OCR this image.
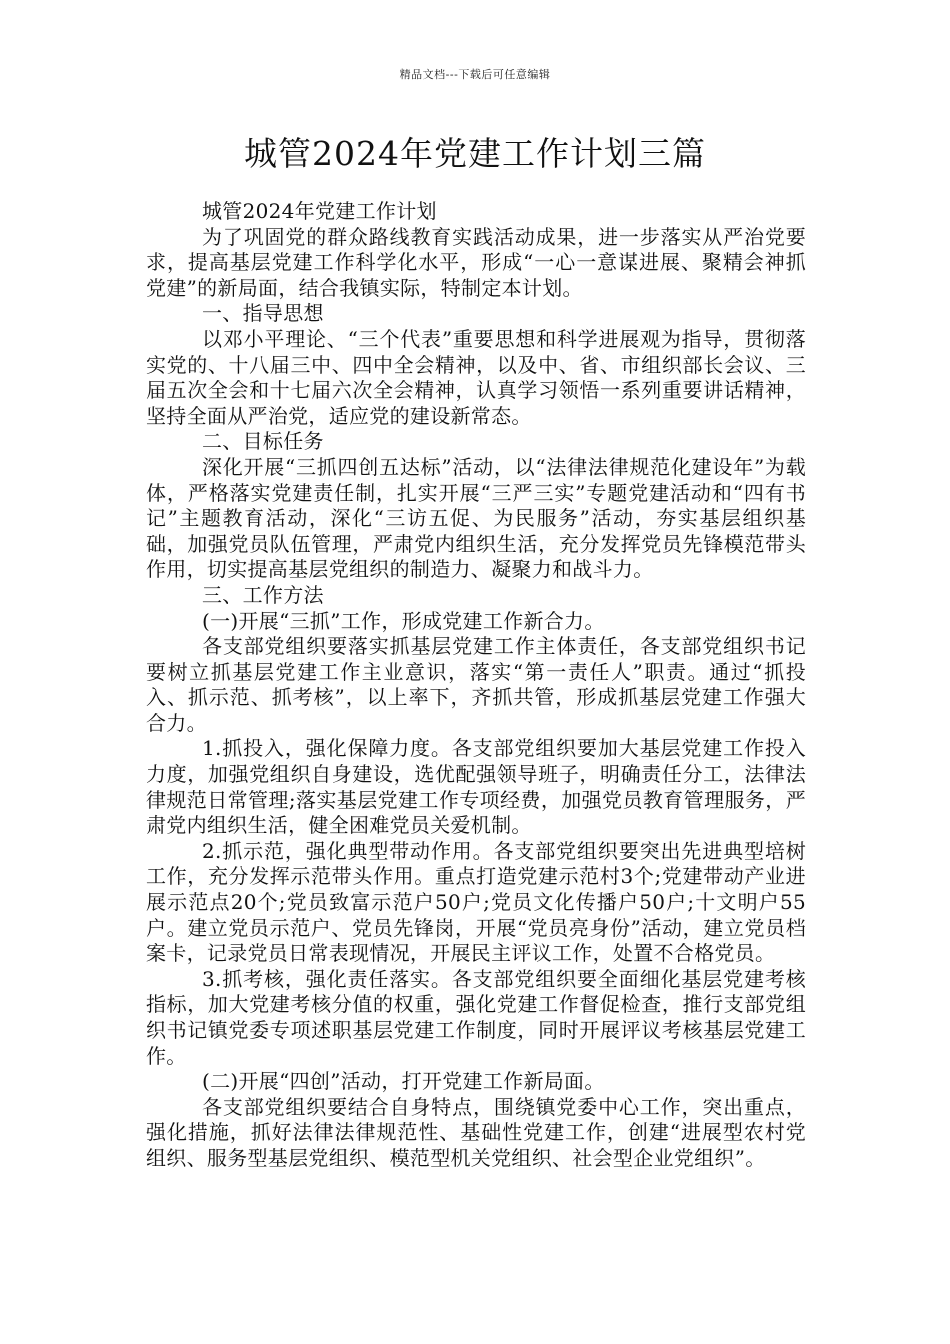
精品文档---下载后可任意编辑
城管2024年党建工作计划三篇

城管2024年党建工作计划

为了巩固党的群众路线教育实践活动成果，进一步落实从严治党要求，提高基层党建工作科学化水平，形成“一心一意谋进展、聚精会神抓党建”的新局面，结合我镇实际，特制定本计划。

一、指导思想

以邓小平理论、“三个代表”重要思想和科学进展观为指导，贯彻落实党的、十八届三中、四中全会精神，以及中、省、市组织部长会议、三届五次全会和十七届六次全会精神，认真学习领悟一系列重要讲话精神，坚持全面从严治党，适应党的建设新常态。

二、目标任务

深化开展“三抓四创五达标”活动，以“法律法律规范化建设年”为载体，严格落实党建责任制，扎实开展“三严三实”专题党建活动和“四有书记”主题教育活动，深化“三访五促、为民服务”活动，夯实基层组织基础，加强党员队伍管理，严肃党内组织生活，充分发挥党员先锋模范带头作用，切实提高基层党组织的制造力、凝聚力和战斗力。

三、工作方法

(一)开展“三抓”工作，形成党建工作新合力。

各支部党组织要落实抓基层党建工作主体责任，各支部党组织书记要树立抓基层党建工作主业意识，落实“第一责任人”职责。通过“抓投入、抓示范、抓考核”，以上率下，齐抓共管，形成抓基层党建工作强大合力。

1.抓投入，强化保障力度。各支部党组织要加大基层党建工作投入力度，加强党组织自身建设，选优配强领导班子，明确责任分工，法律法律规范日常管理;落实基层党建工作专项经费，加强党员教育管理服务，严肃党内组织生活，健全困难党员关爱机制。

2.抓示范，强化典型带动作用。各支部党组织要突出先进典型培树工作，充分发挥示范带头作用。重点打造党建示范村3个;党建带动产业进展示范点20个;党员致富示范户50户;党员文化传播户50户;十文明户55户。建立党员示范户、党员先锋岗，开展“党员亮身份”活动，建立党员档案卡，记录党员日常表现情况，开展民主评议工作，处置不合格党员。

3.抓考核，强化责任落实。各支部党组织要全面细化基层党建考核指标，加大党建考核分值的权重，强化党建工作督促检查，推行支部党组织书记镇党委专项述职基层党建工作制度，同时开展评议考核基层党建工作。

(二)开展“四创”活动，打开党建工作新局面。

各支部党组织要结合自身特点，围绕镇党委中心工作，突出重点，强化措施，抓好法律法律规范性、基础性党建工作，创建“进展型农村党组织、服务型基层党组织、模范型机关党组织、社会型企业党组织”。
